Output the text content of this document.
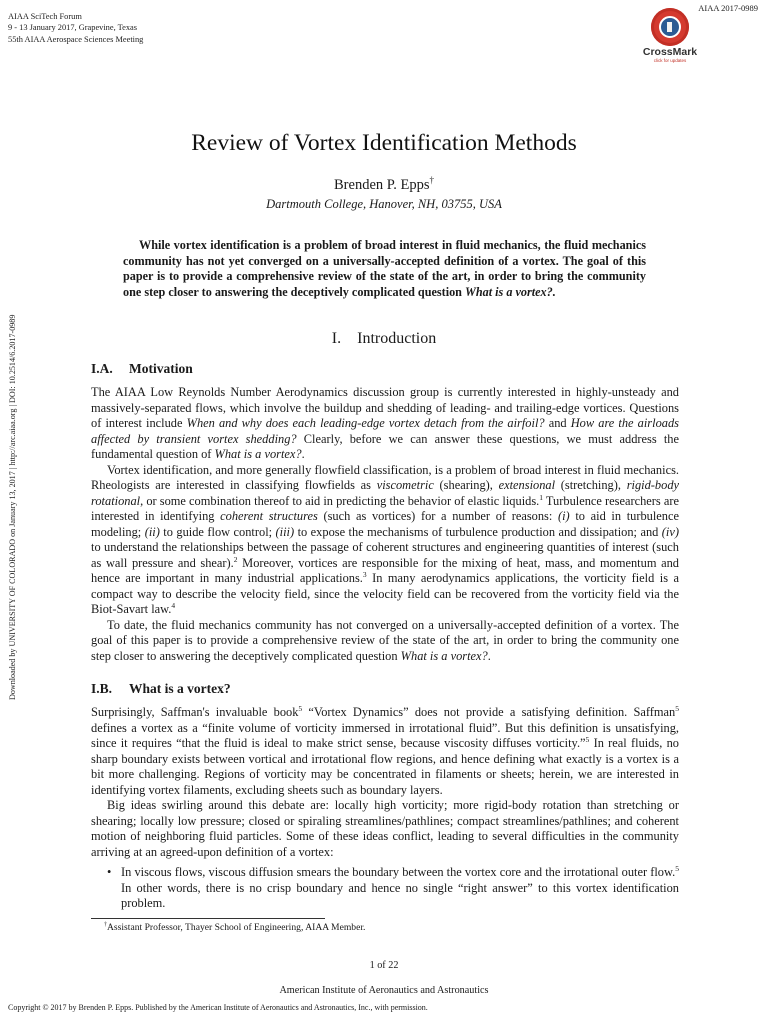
AIAA SciTech Forum
9 - 13 January 2017, Grapevine, Texas
55th AIAA Aerospace Sciences Meeting
AIAA 2017-0989
CrossMark
click for updates
Downloaded by UNIVERSITY OF COLORADO on January 13, 2017 | http://arc.aiaa.org | DOI: 10.2514/6.2017-0989
Review of Vortex Identification Methods
Brenden P. Epps†
Dartmouth College, Hanover, NH, 03755, USA
While vortex identification is a problem of broad interest in fluid mechanics, the fluid mechanics community has not yet converged on a universally-accepted definition of a vortex. The goal of this paper is to provide a comprehensive review of the state of the art, in order to bring the community one step closer to answering the deceptively complicated question What is a vortex?.
I. Introduction
I.A. Motivation

The AIAA Low Reynolds Number Aerodynamics discussion group is currently interested in highly-unsteady and massively-separated flows, which involve the buildup and shedding of leading- and trailing-edge vortices. Questions of interest include When and why does each leading-edge vortex detach from the airfoil? and How are the airloads affected by transient vortex shedding? Clearly, before we can answer these questions, we must address the fundamental question of What is a vortex?.

Vortex identification, and more generally flowfield classification, is a problem of broad interest in fluid mechanics. Rheologists are interested in classifying flowfields as viscometric (shearing), extensional (stretching), rigid-body rotational, or some combination thereof to aid in predicting the behavior of elastic liquids.$^1$ Turbulence researchers are interested in identifying coherent structures (such as vortices) for a number of reasons: (i) to aid in turbulence modeling; (ii) to guide flow control; (iii) to expose the mechanisms of turbulence production and dissipation; and (iv) to understand the relationships between the passage of coherent structures and engineering quantities of interest (such as wall pressure and shear).$^2$ Moreover, vortices are responsible for the mixing of heat, mass, and momentum and hence are important in many industrial applications.$^3$ In many aerodynamics applications, the vorticity field is a compact way to describe the velocity field, since the velocity field can be recovered from the vorticity field via the Biot-Savart law.$^4$

To date, the fluid mechanics community has not converged on a universally-accepted definition of a vortex. The goal of this paper is to provide a comprehensive review of the state of the art, in order to bring the community one step closer to answering the deceptively complicated question What is a vortex?.

I.B. What is a vortex?

Surprisingly, Saffman's invaluable book$^5$ “Vortex Dynamics” does not provide a satisfying definition. Saffman$^5$ defines a vortex as a “finite volume of vorticity immersed in irrotational fluid”. But this definition is unsatisfying, since it requires “that the fluid is ideal to make strict sense, because viscosity diffuses vorticity.”$^5$ In real fluids, no sharp boundary exists between vortical and irrotational flow regions, and hence defining what exactly is a vortex is a bit more challenging. Regions of vorticity may be concentrated in filaments or sheets; herein, we are interested in identifying vortex filaments, excluding sheets such as boundary layers.

Big ideas swirling around this debate are: locally high vorticity; more rigid-body rotation than stretching or shearing; locally low pressure; closed or spiraling streamlines/pathlines; compact streamlines/pathlines; and coherent motion of neighboring fluid particles. Some of these ideas conflict, leading to several difficulties in the community arriving at an agreed-upon definition of a vortex:

• In viscous flows, viscous diffusion smears the boundary between the vortex core and the irrotational outer flow.$^5$ In other words, there is no crisp boundary and hence no single “right answer” to this vortex identification problem.
†Assistant Professor, Thayer School of Engineering, AIAA Member.
1 of 22
American Institute of Aeronautics and Astronautics
Copyright © 2017 by Brenden P. Epps. Published by the American Institute of Aeronautics and Astronautics, Inc., with permission.
